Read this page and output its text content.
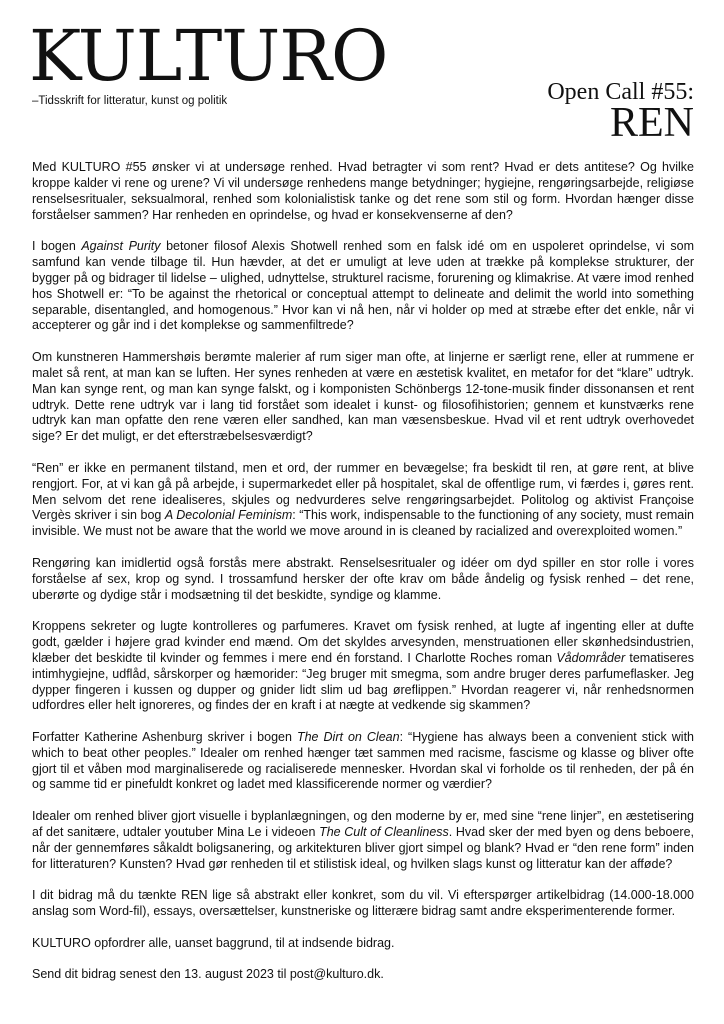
KULTURO
–Tidsskrift for litteratur, kunst og politik	Open Call #55:
REN

Med KULTURO #55 ønsker vi at undersøge renhed. Hvad betragter vi som rent? Hvad er dets antitese? Og hvilke kroppe kalder vi rene og urene? Vi vil undersøge renhedens mange betydninger; hygiejne, rengøringsarbejde, religiøse renselsesritualer, seksualmoral, renhed som kolonialistisk tanke og det rene som stil og form. Hvordan hænger disse forståelser sammen? Har renheden en oprindelse, og hvad er konsekvenserne af den?

I bogen Against Purity betoner filosof Alexis Shotwell renhed som en falsk idé om en uspoleret oprindelse, vi som samfund kan vende tilbage til. Hun hævder, at det er umuligt at leve uden at trække på komplekse strukturer, der bygger på og bidrager til lidelse – ulighed, udnyttelse, strukturel racisme, forurening og klimakrise. At være imod renhed hos Shotwell er: “To be against the rhetorical or conceptual attempt to delineate and delimit the world into something separable, disentangled, and homogenous.” Hvor kan vi nå hen, når vi holder op med at stræbe efter det enkle, når vi accepterer og går ind i det komplekse og sammenfiltrede?

Om kunstneren Hammershøis berømte malerier af rum siger man ofte, at linjerne er særligt rene, eller at rummene er malet så rent, at man kan se luften. Her synes renheden at være en æstetisk kvalitet, en metafor for det “klare” udtryk. Man kan synge rent, og man kan synge falskt, og i komponisten Schönbergs 12-tone-musik finder dissonansen et rent udtryk. Dette rene udtryk var i lang tid forstået som idealet i kunst- og filosofihistorien; gennem et kunstværks rene udtryk kan man opfatte den rene væren eller sandhed, kan man væsensbeskue. Hvad vil et rent udtryk overhovedet sige? Er det muligt, er det efterstræbelsesværdigt?

“Ren” er ikke en permanent tilstand, men et ord, der rummer en bevægelse; fra beskidt til ren, at gøre rent, at blive rengjort. For, at vi kan gå på arbejde, i supermarkedet eller på hospitalet, skal de offentlige rum, vi færdes i, gøres rent. Men selvom det rene idealiseres, skjules og nedvurderes selve rengøringsarbejdet. Politolog og aktivist Françoise Vergès skriver i sin bog A Decolonial Feminism: “This work, indispensable to the functioning of any society, must remain invisible. We must not be aware that the world we move around in is cleaned by racialized and overexploited women.”

Rengøring kan imidlertid også forstås mere abstrakt. Renselsesritualer og idéer om dyd spiller en stor rolle i vores forståelse af sex, krop og synd. I trossamfund hersker der ofte krav om både åndelig og fysisk renhed – det rene, uberørte og dydige står i modsætning til det beskidte, syndige og klamme.

Kroppens sekreter og lugte kontrolleres og parfumeres. Kravet om fysisk renhed, at lugte af ingenting eller at dufte godt, gælder i højere grad kvinder end mænd. Om det skyldes arvesynden, menstruationen eller skønhedsindustrien, klæber det beskidte til kvinder og femmes i mere end én forstand. I Charlotte Roches roman Vådområder tematiseres intimhygiejne, udflåd, sårskorper og hæmorider: “Jeg bruger mit smegma, som andre bruger deres parfumeflasker. Jeg dypper fingeren i kussen og dupper og gnider lidt slim ud bag øreflippen.” Hvordan reagerer vi, når renhedsnormen udfordres eller helt ignoreres, og findes der en kraft i at nægte at vedkende sig skammen?

Forfatter Katherine Ashenburg skriver i bogen The Dirt on Clean: “Hygiene has always been a convenient stick with which to beat other peoples.” Idealer om renhed hænger tæt sammen med racisme, fascisme og klasse og bliver ofte gjort til et våben mod marginaliserede og racialiserede mennesker. Hvordan skal vi forholde os til renheden, der på én og samme tid er pinefuldt konkret og ladet med klassificerende normer og værdier?

Idealer om renhed bliver gjort visuelle i byplanlægningen, og den moderne by er, med sine “rene linjer”, en æstetisering af det sanitære, udtaler youtuber Mina Le i videoen The Cult of Cleanliness. Hvad sker der med byen og dens beboere, når der gennemføres såkaldt boligsanering, og arkitekturen bliver gjort simpel og blank? Hvad er “den rene form” inden for litteraturen? Kunsten? Hvad gør renheden til et stilistisk ideal, og hvilken slags kunst og litteratur kan der afføde?

I dit bidrag må du tænkte REN lige så abstrakt eller konkret, som du vil. Vi efterspørger artikelbidrag (14.000-18.000 anslag som Word-fil), essays, oversættelser, kunstneriske og litterære bidrag samt andre eksperimenterende former.

KULTURO opfordrer alle, uanset baggrund, til at indsende bidrag.

Send dit bidrag senest den 13. august 2023 til post@kulturo.dk.
